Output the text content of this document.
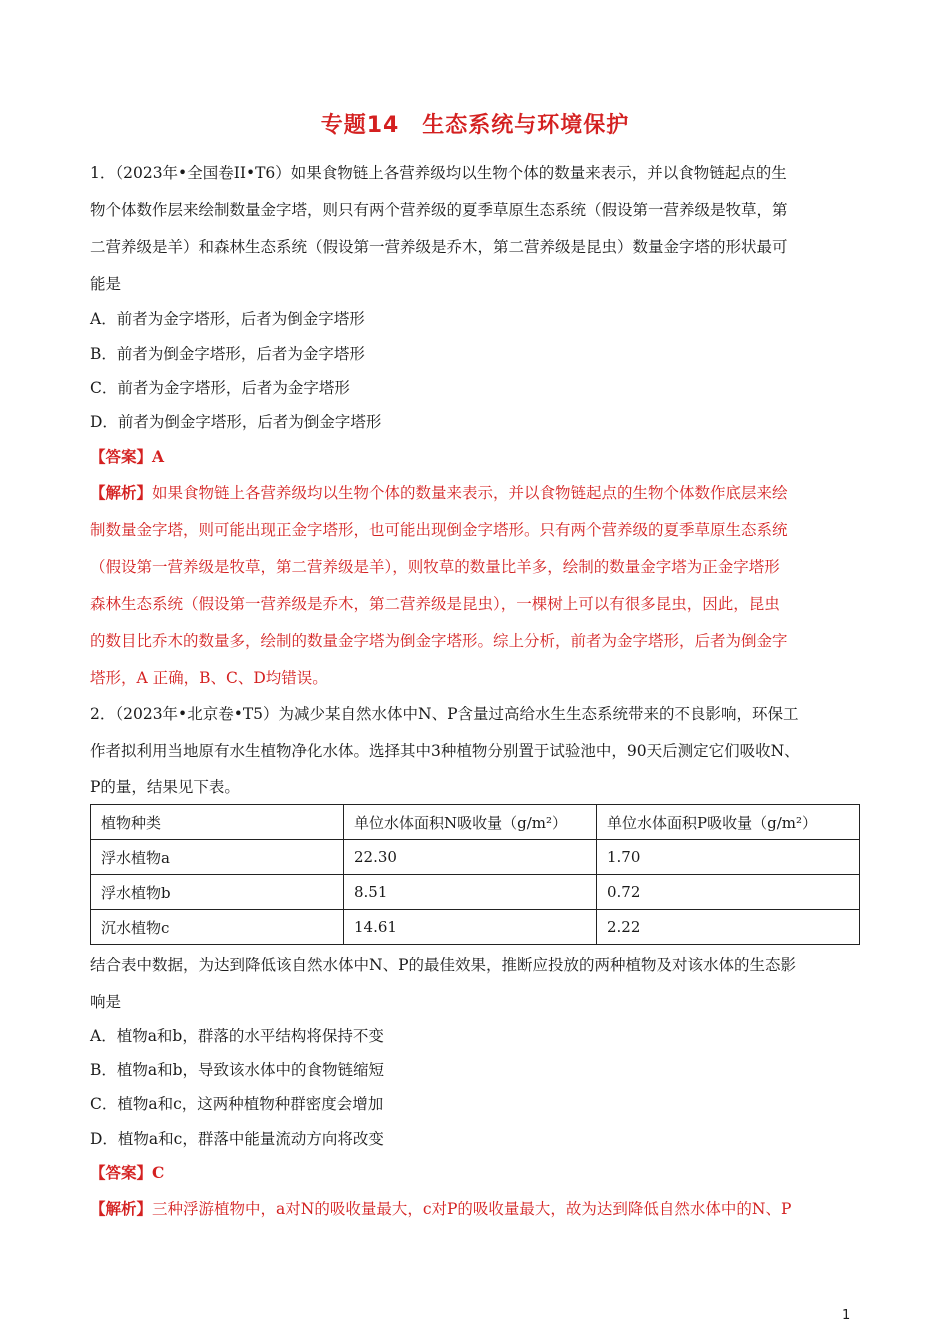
专题14　生态系统与环境保护
1．（2023年•全国卷II•T6）如果食物链上各营养级均以生物个体的数量来表示，并以食物链起点的生
物个体数作层来绘制数量金字塔，则只有两个营养级的夏季草原生态系统（假设第一营养级是牧草，第
二营养级是羊）和森林生态系统（假设第一营养级是乔木，第二营养级是昆虫）数量金字塔的形状最可
能是
A．前者为金字塔形，后者为倒金字塔形
B．前者为倒金字塔形，后者为金字塔形
C．前者为金字塔形，后者为金字塔形
D．前者为倒金字塔形，后者为倒金字塔形
【答案】A
【解析】如果食物链上各营养级均以生物个体的数量来表示，并以食物链起点的生物个体数作底层来绘
制数量金字塔，则可能出现正金字塔形，也可能出现倒金字塔形。只有两个营养级的夏季草原生态系统
（假设第一营养级是牧草，第二营养级是羊），则牧草的数量比羊多，绘制的数量金字塔为正金字塔形
森林生态系统（假设第一营养级是乔木，第二营养级是昆虫），一棵树上可以有很多昆虫，因此，昆虫
的数目比乔木的数量多，绘制的数量金字塔为倒金字塔形。综上分析，前者为金字塔形，后者为倒金字
塔形，A 正确，B、C、D均错误。
2．（2023年•北京卷•T5）为减少某自然水体中N、P含量过高给水生生态系统带来的不良影响，环保工
作者拟利用当地原有水生植物净化水体。选择其中3种植物分别置于试验池中，90天后测定它们吸收N、
P的量，结果见下表。
植物种类	单位水体面积N吸收量（g/m²）	单位水体面积P吸收量（g/m²）
浮水植物a	22.30	1.70
浮水植物b	8.51	0.72
沉水植物c	14.61	2.22
结合表中数据，为达到降低该自然水体中N、P的最佳效果，推断应投放的两种植物及对该水体的生态影
响是
A．植物a和b，群落的水平结构将保持不变
B．植物a和b，导致该水体中的食物链缩短
C．植物a和c，这两种植物种群密度会增加
D．植物a和c，群落中能量流动方向将改变
【答案】C
【解析】三种浮游植物中，a对N的吸收量最大，c对P的吸收量最大，故为达到降低自然水体中的N、P
1
